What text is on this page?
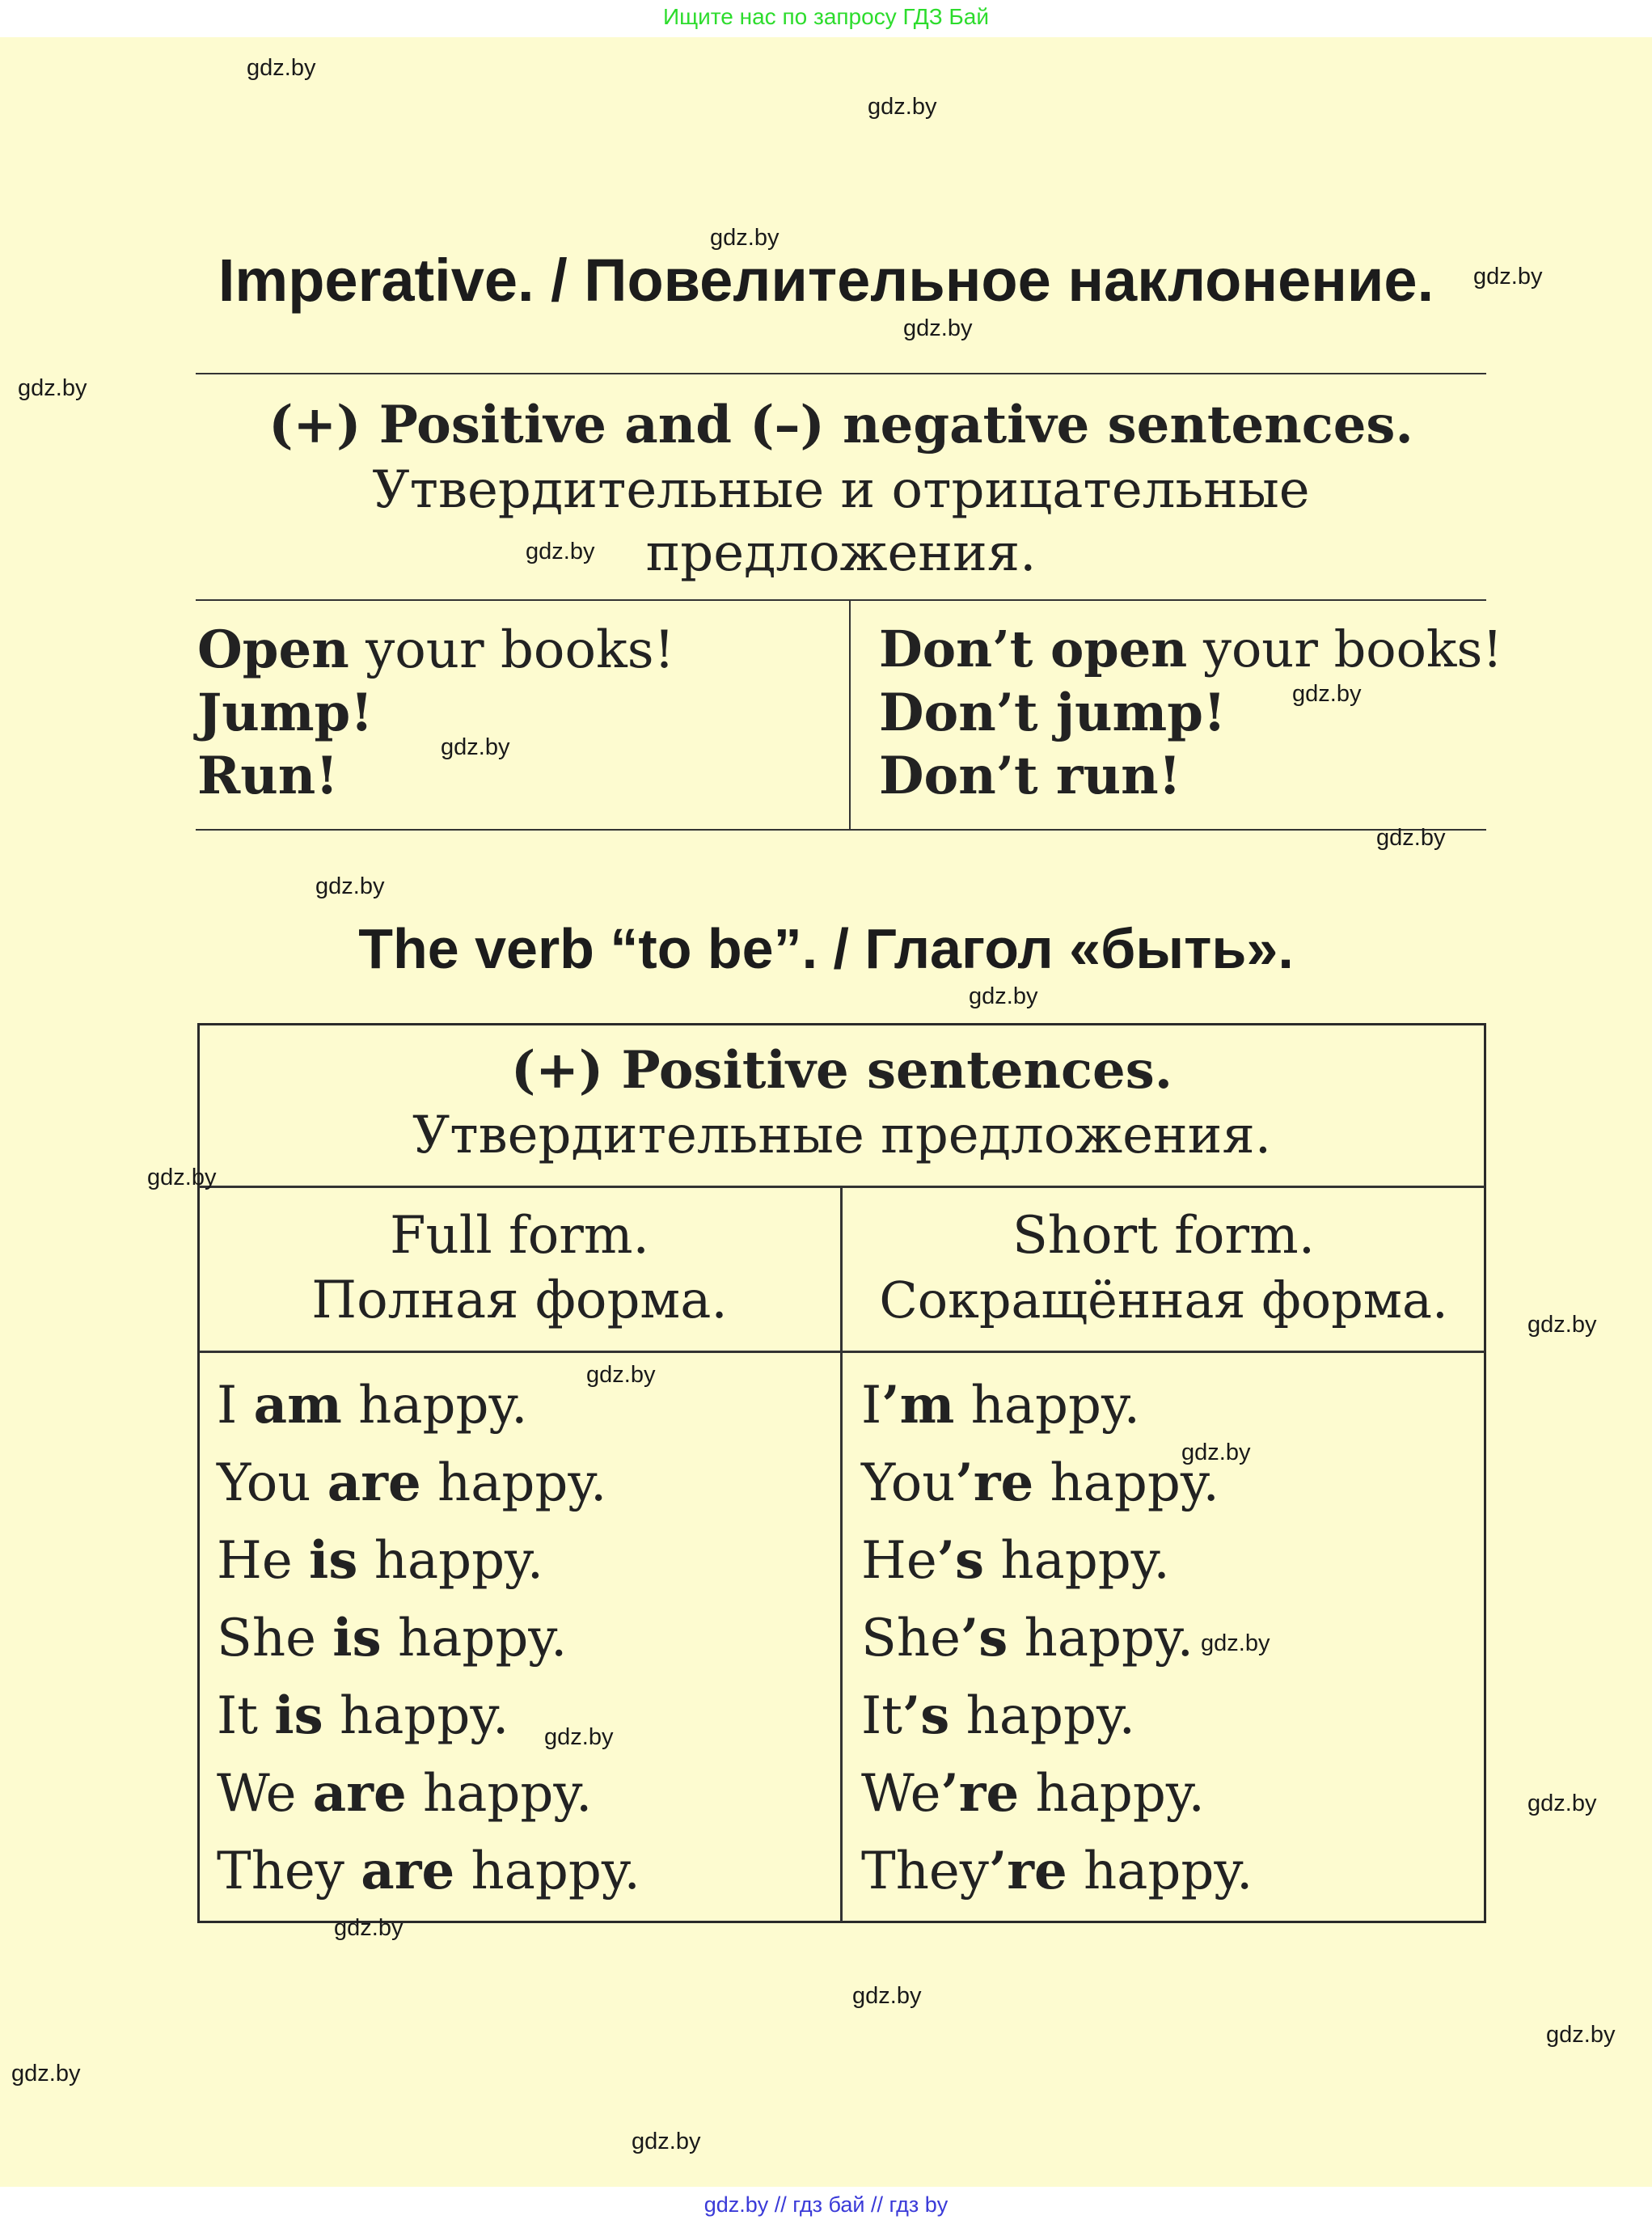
Ищите нас по запросу ГДЗ Бай
Imperative. / Повелительное наклонение.
(+) Positive and (–) negative sentences.
Утвердительные и отрицательные
предложения.
Open your books!
Jump!
Run!
Don’t open your books!
Don’t jump!
Don’t run!
The verb “to be”. / Глагол «быть».
(+) Positive sentences.
Утвердительные предложения.
Full form.
Полная форма.
Short form.
Сокращённая форма.
I am happy.
You are happy.
He is happy.
She is happy.
It is happy.
We are happy.
They are happy.
I’m happy.
You’re happy.
He’s happy.
She’s happy.
It’s happy.
We’re happy.
They’re happy.
gdz.by
gdz.by
gdz.by
gdz.by
gdz.by
gdz.by
gdz.by
gdz.by
gdz.by
gdz.by
gdz.by
gdz.by
gdz.by
gdz.by
gdz.by
gdz.by
gdz.by
gdz.by
gdz.by
gdz.by
gdz.by
gdz.by
gdz.by
gdz.by
gdz.by // гдз бай // гдз by
